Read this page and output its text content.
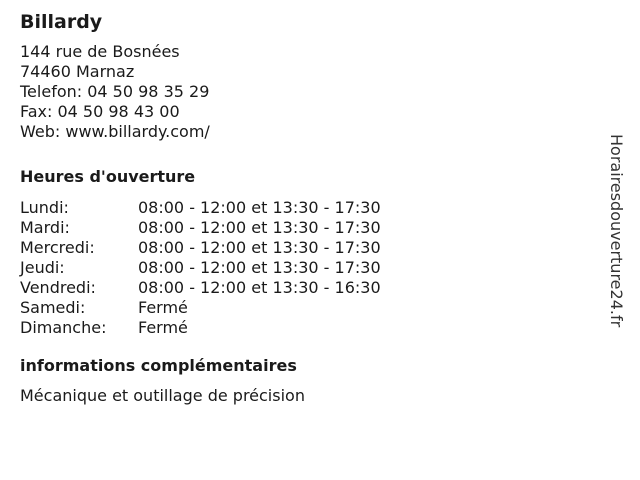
Billardy
144 rue de Bosnées
74460 Marnaz
Telefon: 04 50 98 35 29
Fax: 04 50 98 43 00
Web: www.billardy.com/
Heures d'ouverture
Lundi:	08:00 - 12:00 et 13:30 - 17:30
Mardi:	08:00 - 12:00 et 13:30 - 17:30
Mercredi:	08:00 - 12:00 et 13:30 - 17:30
Jeudi:	08:00 - 12:00 et 13:30 - 17:30
Vendredi:	08:00 - 12:00 et 13:30 - 16:30
Samedi:	Fermé
Dimanche:	Fermé
informations complémentaires
Mécanique et outillage de précision
Horairesdouverture24.fr
